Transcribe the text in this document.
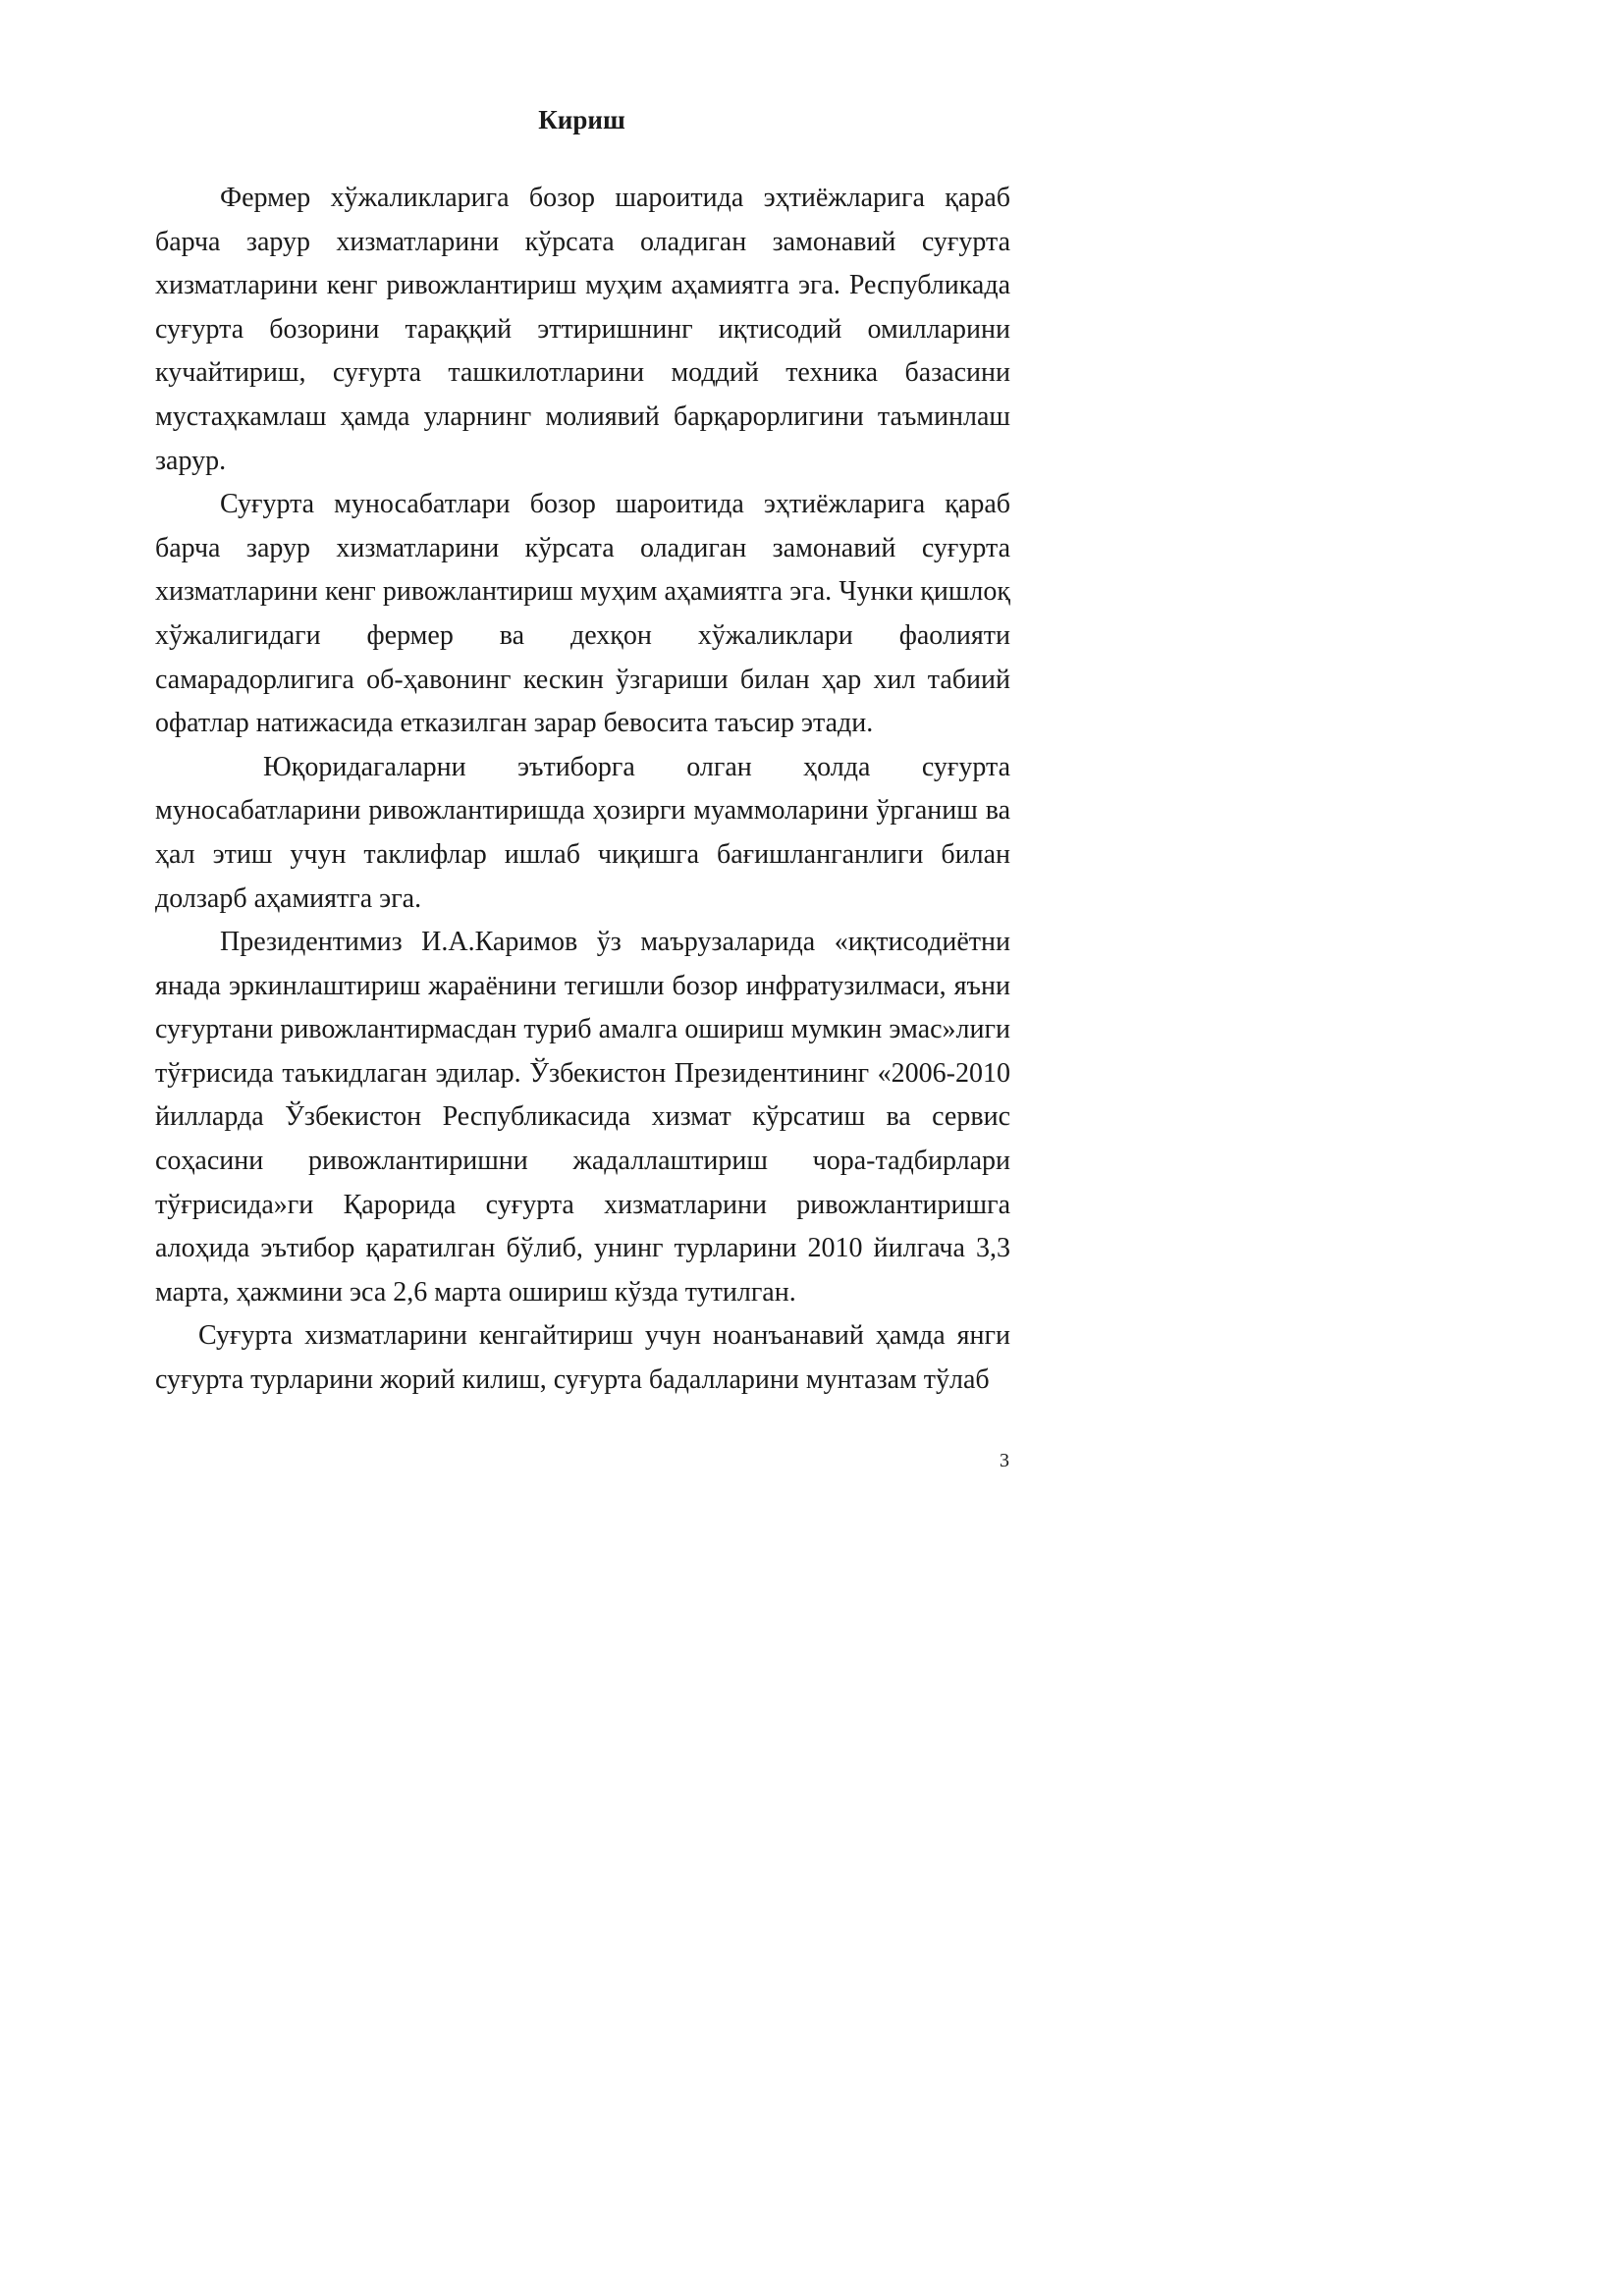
Кириш

Фермер хўжаликларига бозор шароитида эҳтиёжларига қараб барча зарур хизматларини кўрсата оладиган замонавий суғурта хизматларини кенг ривожлантириш муҳим аҳамиятга эга. Республикада суғурта бозорини тараққий эттиришнинг иқтисодий омилларини кучайтириш, суғурта ташкилотларини моддий техника базасини мустаҳкамлаш ҳамда уларнинг молиявий барқарорлигини таъминлаш зарур.

Суғурта муносабатлари бозор шароитида эҳтиёжларига қараб барча зарур хизматларини кўрсата оладиган замонавий суғурта хизматларини кенг ривожлантириш муҳим аҳамиятга эга. Чунки қишлоқ хўжалигидаги фермер ва дехқон хўжаликлари фаолияти самарадорлигига об-ҳавонинг кескин ўзгариши билан ҳар хил табиий офатлар натижасида етказилган зарар бевосита таъсир этади.

Юқоридагаларни эътиборга олган ҳолда суғурта муносабатларини ривожлантиришда ҳозирги муаммоларини ўрганиш ва ҳал этиш учун таклифлар ишлаб чиқишга бағишланганлиги билан долзарб аҳамиятга эга.

Президентимиз И.А.Каримов ўз маърузаларида «иқтисодиётни янада эркинлаштириш жараёнини тегишли бозор инфратузилмаси, яъни суғуртани ривожлантирмасдан туриб амалга ошириш мумкин эмас»лиги тўғрисида таъкидлаган эдилар. Ўзбекистон Президентининг «2006-2010 йилларда Ўзбекистон Республикасида хизмат кўрсатиш ва сервис соҳасини ривожлантиришни жадаллаштириш чора-тадбирлари тўғрисида»ги Қарорида суғурта хизматларини ривожлантиришга алоҳида эътибор қаратилган бўлиб, унинг турларини 2010 йилгача 3,3 марта, ҳажмини эса 2,6 марта ошириш кўзда тутилган.

Суғурта хизматларини кенгайтириш учун ноанъанавий ҳамда янги суғурта турларини жорий килиш, суғурта бадалларини мунтазам тўлаб

3
